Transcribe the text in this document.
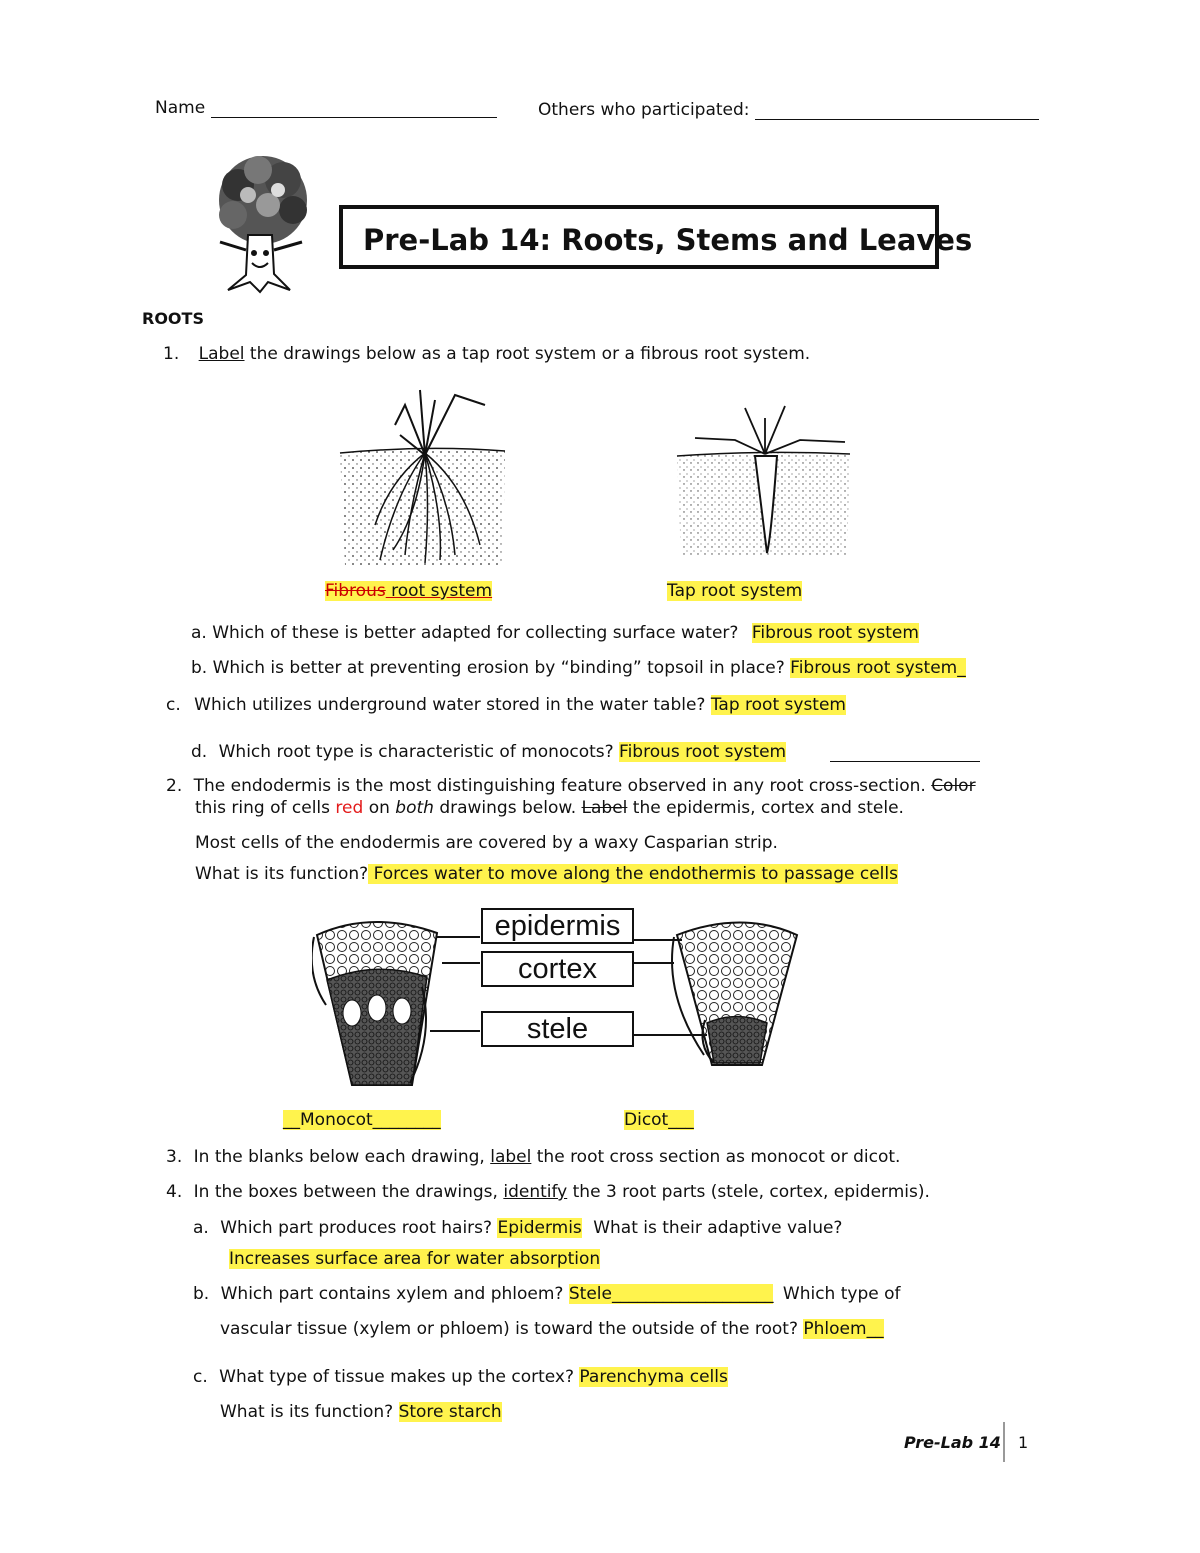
Name	Others who participated:
Pre-Lab 14: Roots, Stems and Leaves
ROOTS
1. Label the drawings below as a tap root system or a fibrous root system.
Fibrous root system	Tap root system
a. Which of these is better adapted for collecting surface water? Fibrous root system
b. Which is better at preventing erosion by “binding” topsoil in place? Fibrous root system_
c. Which utilizes underground water stored in the water table? Tap root system
d. Which root type is characteristic of monocots? Fibrous root system
2. The endodermis is the most distinguishing feature observed in any root cross-section. Color
this ring of cells red on both drawings below. Label the epidermis, cortex and stele.
Most cells of the endodermis are covered by a waxy Casparian strip.
What is its function? Forces water to move along the endothermis to passage cells
epidermis
cortex
stele
__Monocot________	Dicot___
3. In the blanks below each drawing, label the root cross section as monocot or dicot.
4. In the boxes between the drawings, identify the 3 root parts (stele, cortex, epidermis).
a. Which part produces root hairs? Epidermis What is their adaptive value?
Increases surface area for water absorption
b. Which part contains xylem and phloem? Stele___________________ Which type of
vascular tissue (xylem or phloem) is toward the outside of the root? Phloem__
c. What type of tissue makes up the cortex? Parenchyma cells
What is its function? Store starch
Pre-Lab 14 1
